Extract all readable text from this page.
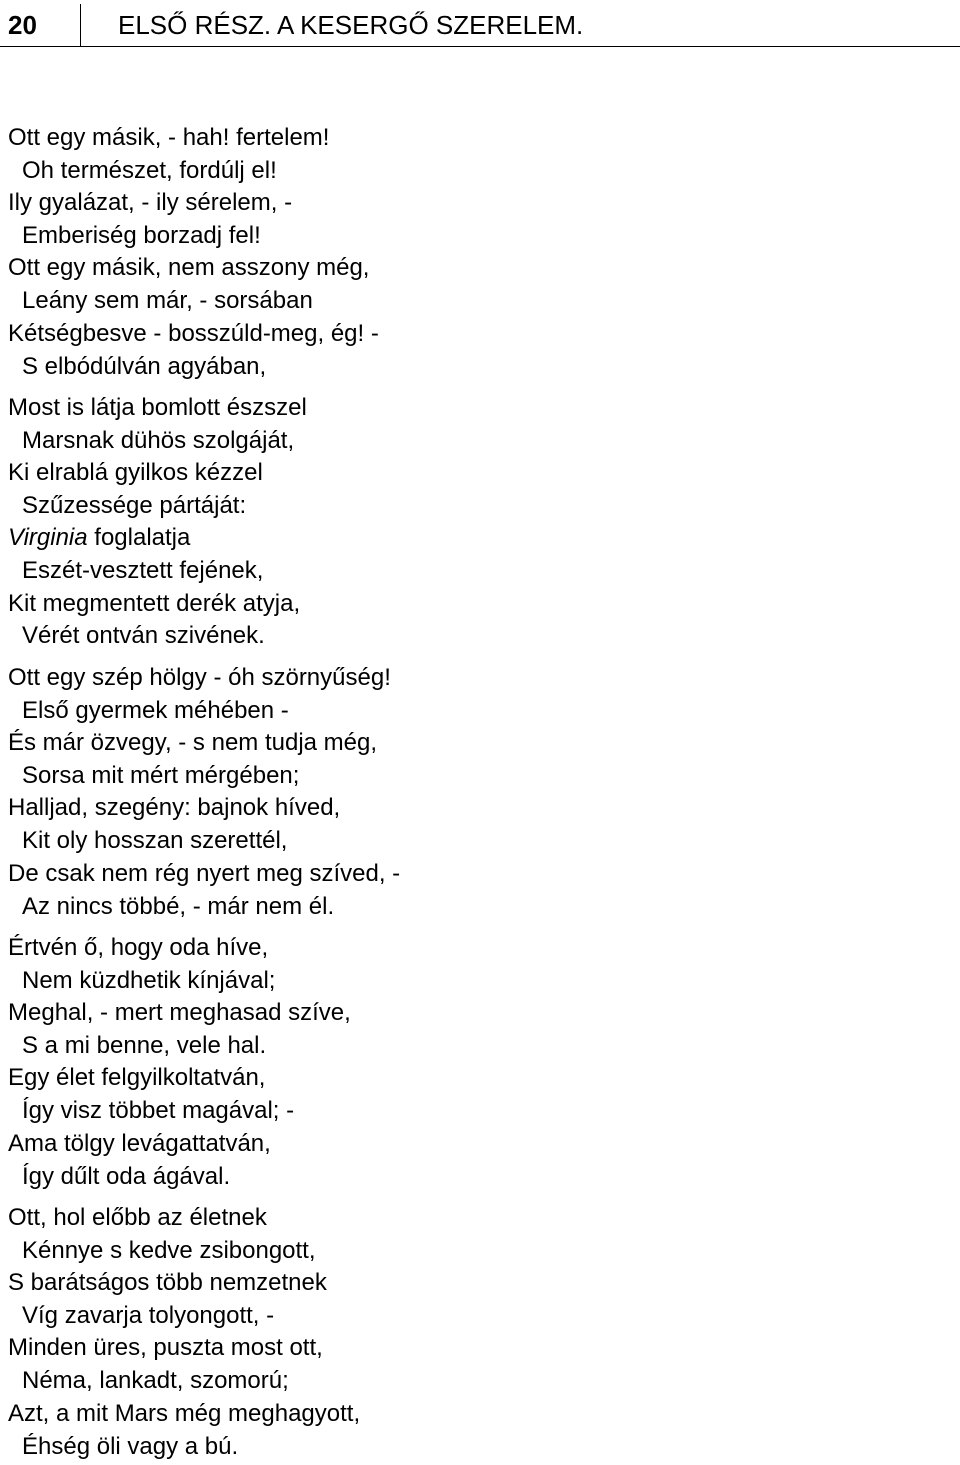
20	ELSŐ RÉSZ. A KESERGŐ SZERELEM.
Ott egy másik, - hah! fertelem!
Oh természet, fordúlj el!
Ily gyalázat, - ily sérelem, -
Emberiség borzadj fel!
Ott egy másik, nem asszony még,
Leány sem már, - sorsában
Kétségbesve - bosszúld-meg, ég! -
S elbódúlván agyában,
Most is látja bomlott észszel
Marsnak dühös szolgáját,
Ki elrablá gyilkos kézzel
Szűzessége pártáját:
Virginia foglalatja
Eszét-vesztett fejének,
Kit megmentett derék atyja,
Vérét ontván szivének.
Ott egy szép hölgy - óh szörnyűség!
Első gyermek méhében -
És már özvegy, - s nem tudja még,
Sorsa mit mért mérgében;
Halljad, szegény: bajnok híved,
Kit oly hosszan szerettél,
De csak nem rég nyert meg szíved, -
Az nincs többé, - már nem él.
Értvén ő, hogy oda híve,
Nem küzdhetik kínjával;
Meghal, - mert meghasad szíve,
S a mi benne, vele hal.
Egy élet felgyilkoltatván,
Így visz többet magával; -
Ama tölgy levágattatván,
Így dűlt oda ágával.
Ott, hol előbb az életnek
Kénnye s kedve zsibongott,
S barátságos több nemzetnek
Víg zavarja tolyongott, -
Minden üres, puszta most ott,
Néma, lankadt, szomorú;
Azt, a mit Mars még meghagyott,
Éhség öli vagy a bú.
